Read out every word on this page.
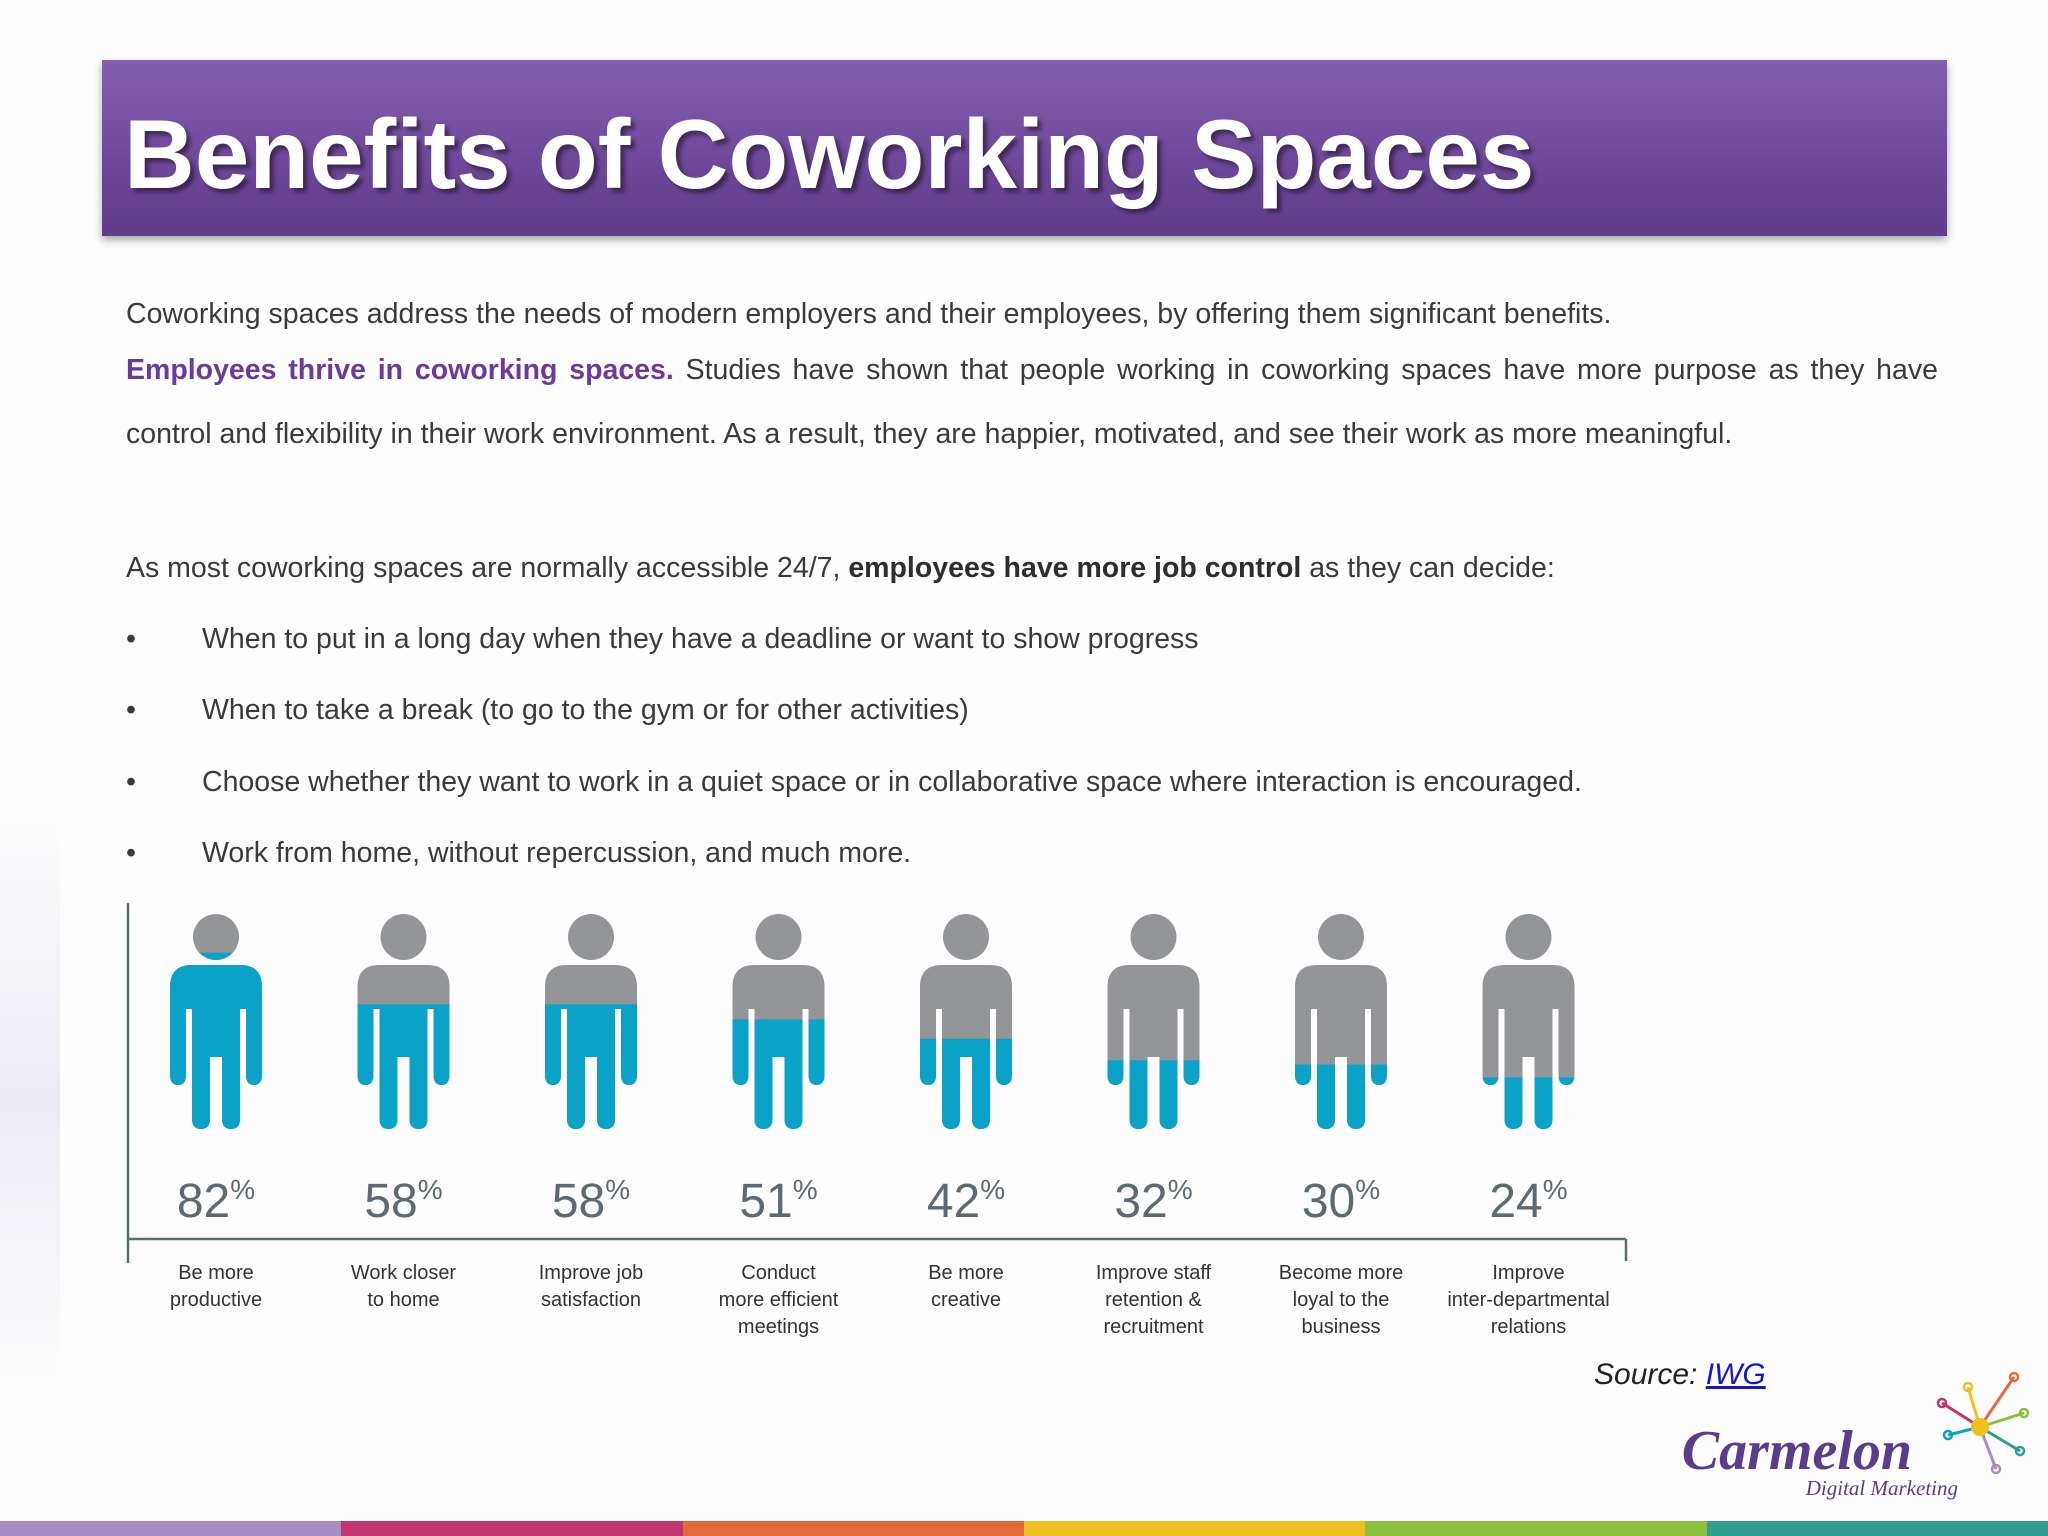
Benefits of Coworking Spaces
Coworking spaces address the needs of modern employers and their employees, by offering them significant benefits.
Employees thrive in coworking spaces. Studies have shown that people working in coworking spaces have more purpose as they have control and flexibility in their work environment. As a result, they are happier, motivated, and see their work as more meaningful.
As most coworking spaces are normally accessible 24/7, employees have more job control as they can decide:
•	When to put in a long day when they have a deadline or want to show progress
•	When to take a break (to go to the gym or for other activities)
•	Choose whether they want to work in a quiet space or in collaborative space where interaction is encouraged.
•	Work from home, without repercussion, and much more.
82%
Be more productive
58%
Work closer to home
58%
Improve job satisfaction
51%
Conduct more efficient meetings
42%
Be more creative
32%
Improve staff retention & recruitment
30%
Become more loyal to the business
24%
Improve inter-departmental relations
Source: IWG
Carmelon
Digital Marketing
